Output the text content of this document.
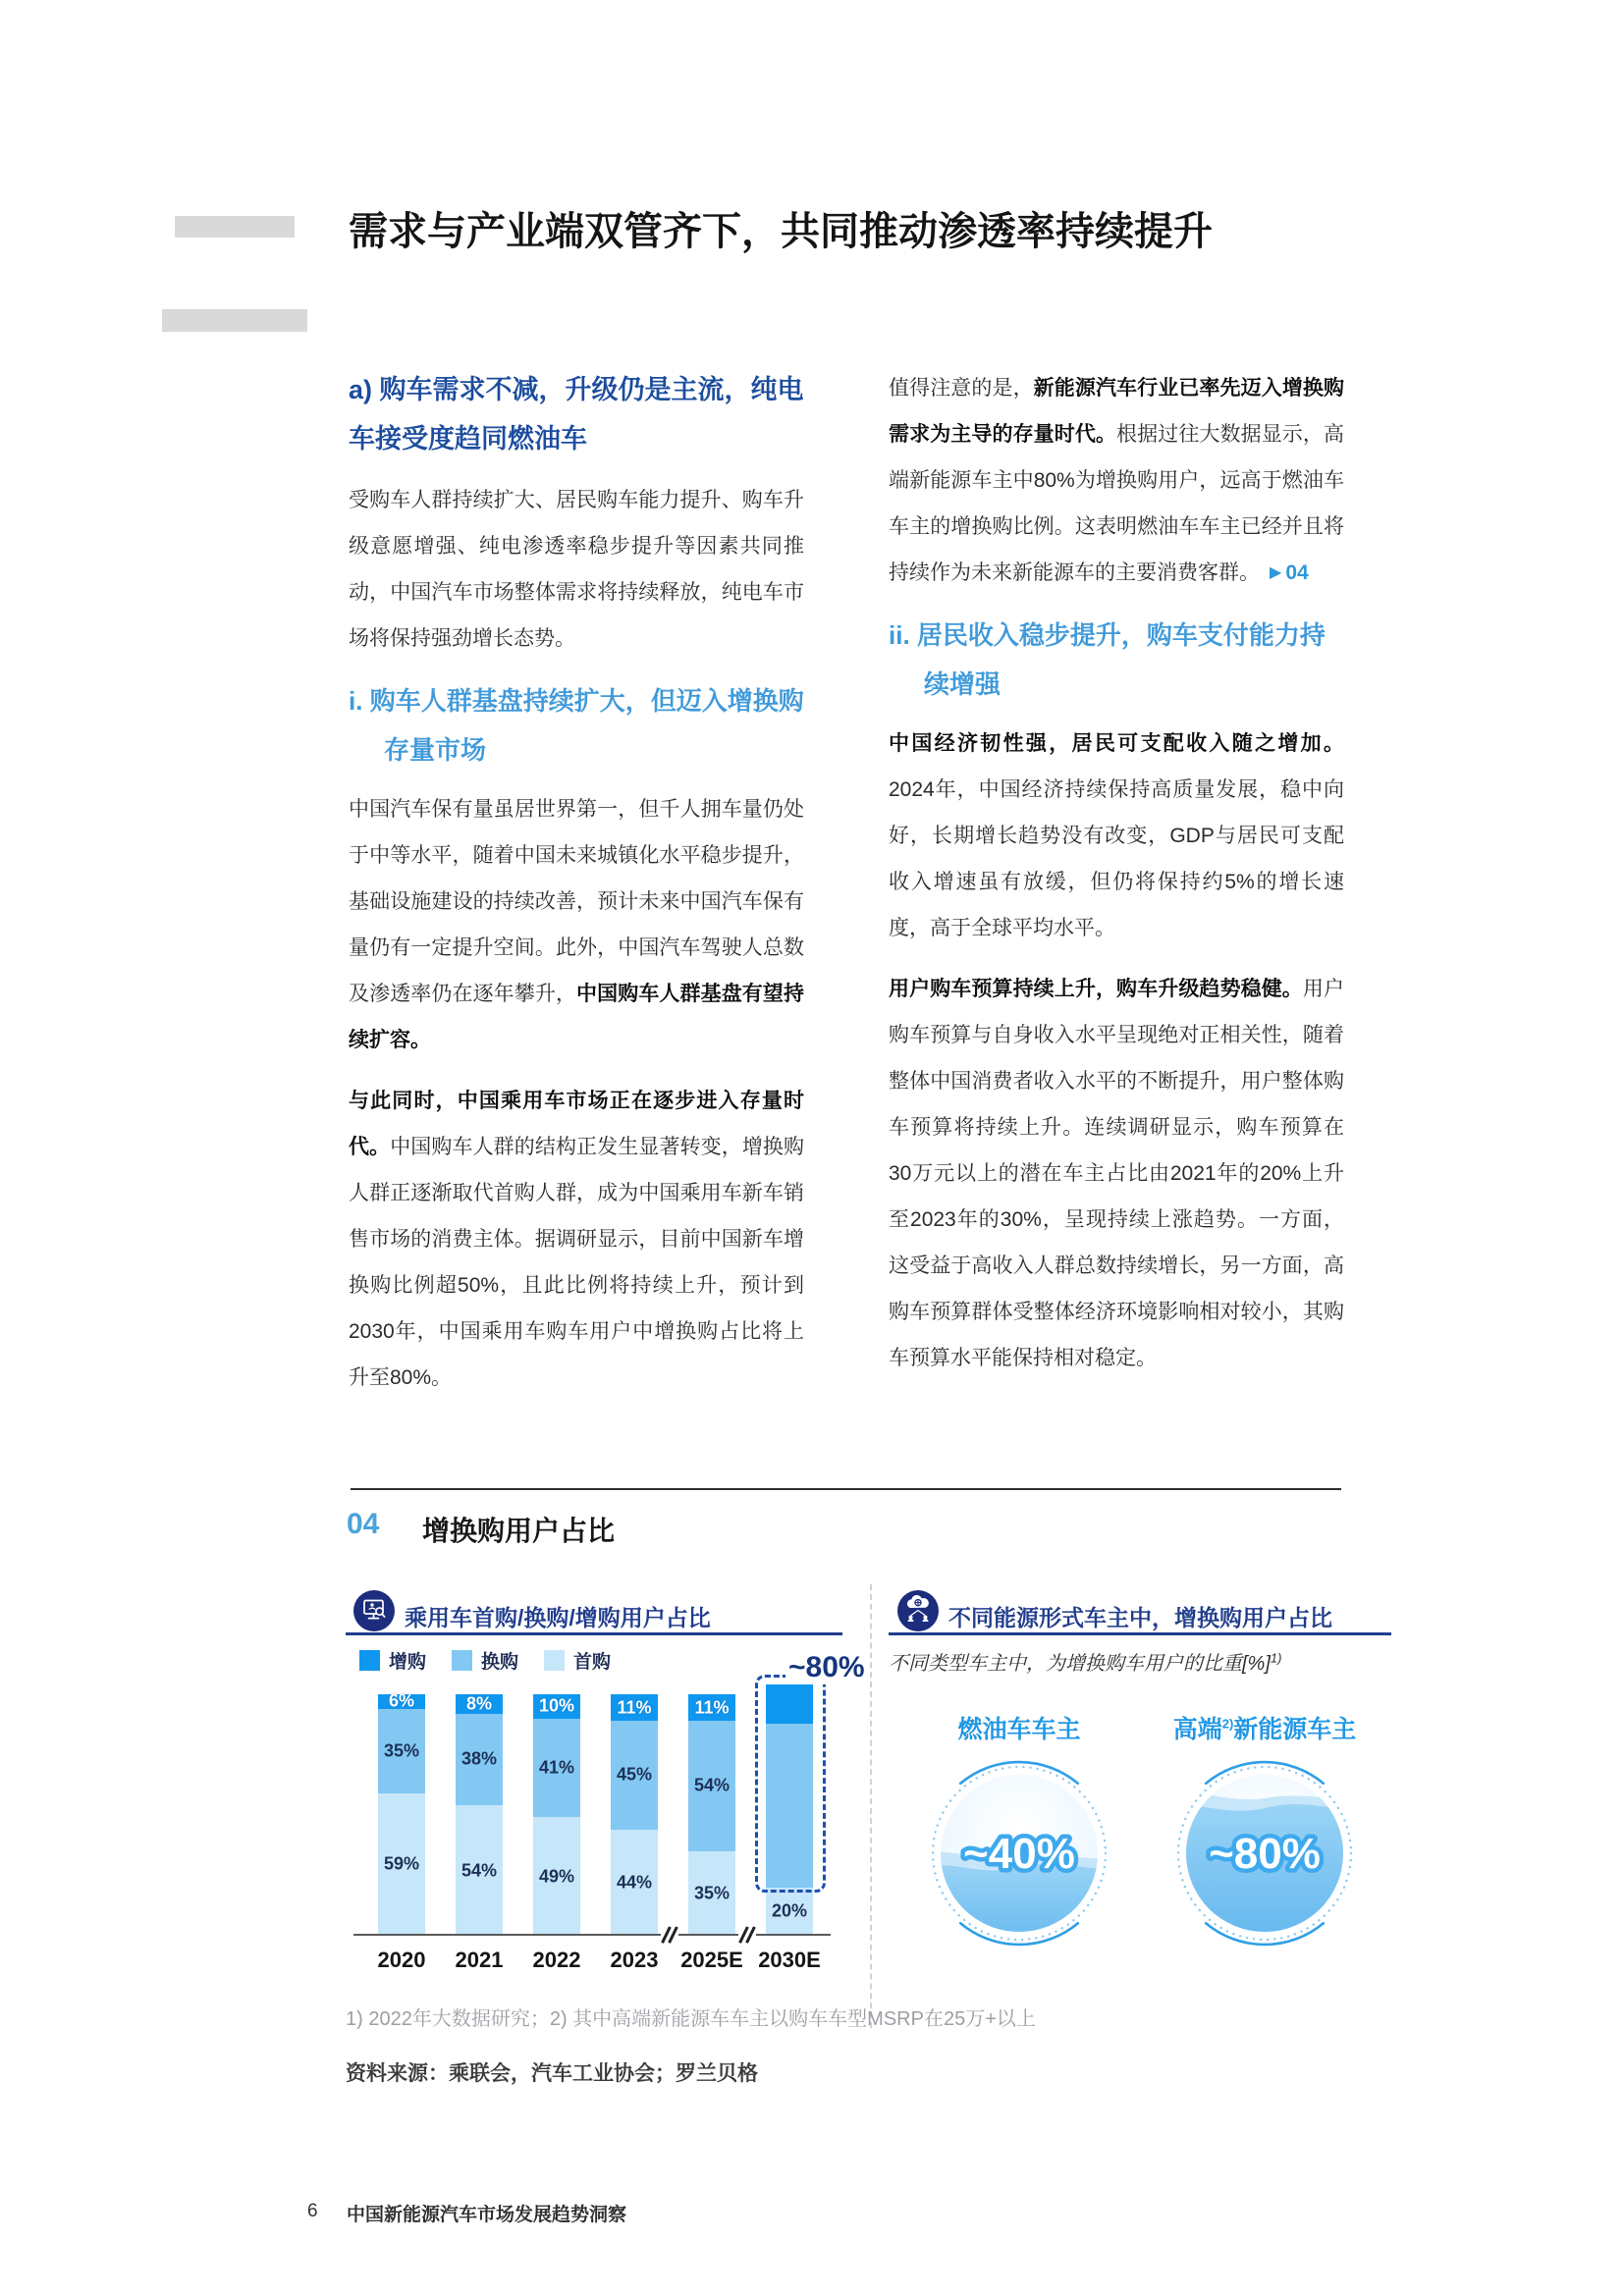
需求与产业端双管齐下，共同推动渗透率持续提升
a) 购车需求不减，升级仍是主流，纯电车接受度趋同燃油车

受购车人群持续扩大、居民购车能力提升、购车升级意愿增强、纯电渗透率稳步提升等因素共同推动，中国汽车市场整体需求将持续释放，纯电车市场将保持强劲增长态势。

i. 购车人群基盘持续扩大，但迈入增换购存量市场

中国汽车保有量虽居世界第一，但千人拥车量仍处于中等水平，随着中国未来城镇化水平稳步提升，基础设施建设的持续改善，预计未来中国汽车保有量仍有一定提升空间。此外，中国汽车驾驶人总数及渗透率仍在逐年攀升，中国购车人群基盘有望持续扩容。

与此同时，中国乘用车市场正在逐步进入存量时代。中国购车人群的结构正发生显著转变，增换购人群正逐渐取代首购人群，成为中国乘用车新车销售市场的消费主体。据调研显示，目前中国新车增换购比例超50%，且此比例将持续上升，预计到2030年，中国乘用车购车用户中增换购占比将上升至80%。

值得注意的是，新能源汽车行业已率先迈入增换购需求为主导的存量时代。根据过往大数据显示，高端新能源车主中80%为增换购用户，远高于燃油车车主的增换购比例。这表明燃油车车主已经并且将持续作为未来新能源车的主要消费客群。 ▶ 04

ii. 居民收入稳步提升，购车支付能力持续增强

中国经济韧性强，居民可支配收入随之增加。2024年，中国经济持续保持高质量发展，稳中向好，长期增长趋势没有改变，GDP与居民可支配收入增速虽有放缓，但仍将保持约5%的增长速度，高于全球平均水平。

用户购车预算持续上升，购车升级趋势稳健。用户购车预算与自身收入水平呈现绝对正相关性，随着整体中国消费者收入水平的不断提升，用户整体购车预算将持续上升。连续调研显示，购车预算在30万元以上的潜在车主占比由2021年的20%上升至2023年的30%，呈现持续上涨趋势。一方面，这受益于高收入人群总数持续增长，另一方面，高购车预算群体受整体经济环境影响相对较小，其购车预算水平能保持相对稳定。

04 增换购用户占比
乘用车首购/换购/增购用户占比
增购	换购	首购
59%
35%
6%
2020
54%
38%
8%
2021
49%
41%
10%
2022
44%
45%
11%
2023
35%
54%
11%
2025E
20%
2030E
~80%
不同能源形式车主中，增换购用户占比
不同类型车主中，为增换购车用户的比重[%]$^{1)}$
燃油车车主	高端$^{2)}$新能源车主
~40%	~80%
1) 2022年大数据研究；2) 其中高端新能源车车主以购车车型MSRP在25万+以上
资料来源：乘联会，汽车工业协会；罗兰贝格
6 中国新能源汽车市场发展趋势洞察
